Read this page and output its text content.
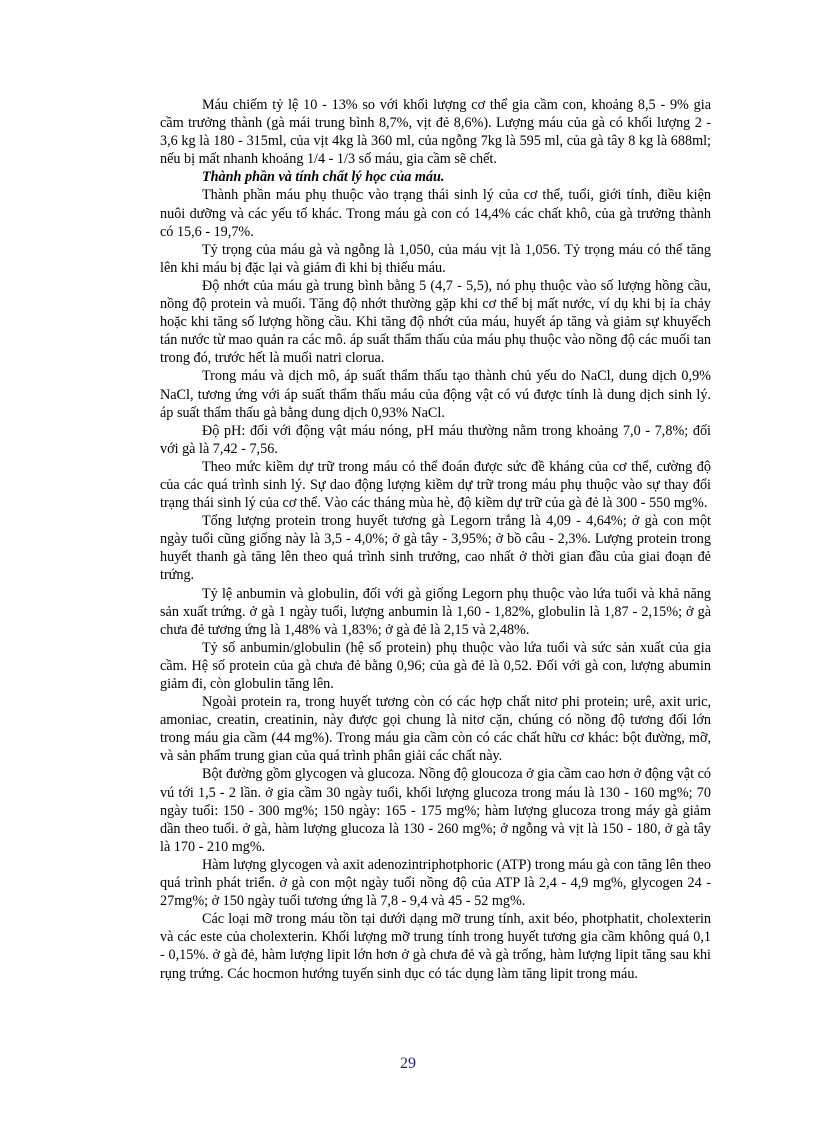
Máu chiếm tỷ lệ 10 - 13% so với khối lượng cơ thể gia cầm con, khoảng 8,5 - 9% gia cầm trưởng thành (gà mái trung bình 8,7%, vịt đẻ 8,6%). Lượng máu của gà có khối lượng 2 - 3,6 kg là 180 - 315ml, của vịt 4kg là 360 ml, của ngỗng 7kg là 595 ml, của gà tây 8 kg là 688ml; nếu bị mất nhanh khoảng 1/4 - 1/3 số máu, gia cầm sẽ chết.

Thành phần và tính chất lý học của máu.

Thành phần máu phụ thuộc vào trạng thái sinh lý của cơ thể, tuổi, giới tính, điều kiện nuôi dưỡng và các yếu tố khác. Trong máu gà con có 14,4% các chất khô, của gà trưởng thành có 15,6 - 19,7%.

Tỷ trọng của máu gà và ngỗng là 1,050, của máu vịt là 1,056. Tỷ trọng máu có thể tăng lên khi máu bị đặc lại và giảm đi khi bị thiếu máu.

Độ nhớt của máu gà trung bình bằng 5 (4,7 - 5,5), nó phụ thuộc vào số lượng hồng cầu, nồng độ protein và muối. Tăng độ nhớt thường gặp khi cơ thể bị mất nước, ví dụ khi bị ỉa chảy hoặc khi tăng số lượng hồng cầu. Khi tăng độ nhớt của máu, huyết áp tăng và giảm sự khuyếch tán nước từ mao quản ra các mô. áp suất thẩm thấu của máu phụ thuộc vào nồng độ các muối tan trong đó, trước hết là muối natri clorua.

Trong máu và dịch mô, áp suất thẩm thấu tạo thành chủ yếu do NaCl, dung dịch 0,9% NaCl, tương ứng với áp suất thẩm thấu máu của động vật có vú được tính là dung dịch sinh lý. áp suất thẩm thấu gà bằng dung dịch 0,93% NaCl.

Độ pH: đối với động vật máu nóng, pH máu thường nằm trong khoảng 7,0 - 7,8%; đối với gà là 7,42 - 7,56.

Theo mức kiềm dự trữ trong máu có thể đoán được sức đề kháng của cơ thể, cường độ của các quá trình sinh lý. Sự dao động lượng kiềm dự trữ trong máu phụ thuộc vào sự thay đổi trạng thái sinh lý của cơ thể. Vào các tháng mùa hè, độ kiềm dự trữ của gà đẻ là 300 - 550 mg%.

Tổng lượng protein trong huyết tương gà Legorn trắng là 4,09 - 4,64%; ở gà con một ngày tuổi cũng giống này là 3,5 - 4,0%; ở gà tây - 3,95%; ở bồ câu - 2,3%. Lượng protein trong huyết thanh gà tăng lên theo quá trình sinh trưởng, cao nhất ở thời gian đầu của giai đoạn đẻ trứng.

Tỷ lệ anbumin và globulin, đối với gà giống Legorn phụ thuộc vào lứa tuổi và khả năng sản xuất trứng. ở gà 1 ngày tuổi, lượng anbumin là 1,60 - 1,82%, globulin là 1,87 - 2,15%; ở gà chưa đẻ tương ứng là 1,48% và 1,83%; ở gà đẻ là 2,15 và 2,48%.

Tỷ số anbumin/globulin (hệ số protein) phụ thuộc vào lứa tuổi và sức sản xuất của gia cầm. Hệ số protein của gà chưa đẻ bằng 0,96; của gà đẻ là 0,52. Đối với gà con, lượng abumin giảm đi, còn globulin tăng lên.

Ngoài protein ra, trong huyết tương còn có các hợp chất nitơ phi protein; urê, axit uric, amoniac, creatin, creatinin, này được gọi chung là nitơ cặn, chúng có nồng độ tương đối lớn trong máu gia cầm (44 mg%). Trong máu gia cầm còn có các chất hữu cơ khác: bột đường, mỡ, và sản phẩm trung gian của quá trình phân giải các chất này.

Bột đường gồm glycogen và glucoza. Nồng độ gloucoza ở gia cầm cao hơn ở động vật có vú tới 1,5 - 2 lần. ở gia cầm 30 ngày tuổi, khối lượng glucoza trong máu là 130 - 160 mg%; 70 ngày tuổi: 150 - 300 mg%; 150 ngày: 165 - 175 mg%; hàm lượng glucoza trong máy gà giảm dần theo tuổi. ở gà, hàm lượng glucoza là 130 - 260 mg%; ở ngỗng và vịt là 150 - 180, ở gà tây là 170 - 210 mg%.

Hàm lượng glycogen và axit adenozintriphotphoric (ATP) trong máu gà con tăng lên theo quá trình phát triển. ở gà con một ngày tuổi nồng độ của ATP là 2,4 - 4,9 mg%, glycogen 24 - 27mg%; ở 150 ngày tuổi tương ứng là 7,8 - 9,4 và 45 - 52 mg%.

Các loại mỡ trong máu tồn tại dưới dạng mỡ trung tính, axit béo, photphatit, cholexterin và các este của cholexterin. Khối lượng mỡ trung tính trong huyết tương gia cầm không quá 0,1 - 0,15%. ở gà đẻ, hàm lượng lipit lớn hơn ở gà chưa đẻ và gà trống, hàm lượng lipit tăng sau khi rụng trứng. Các hocmon hướng tuyến sinh dục có tác dụng làm tăng lipit trong máu.

29
